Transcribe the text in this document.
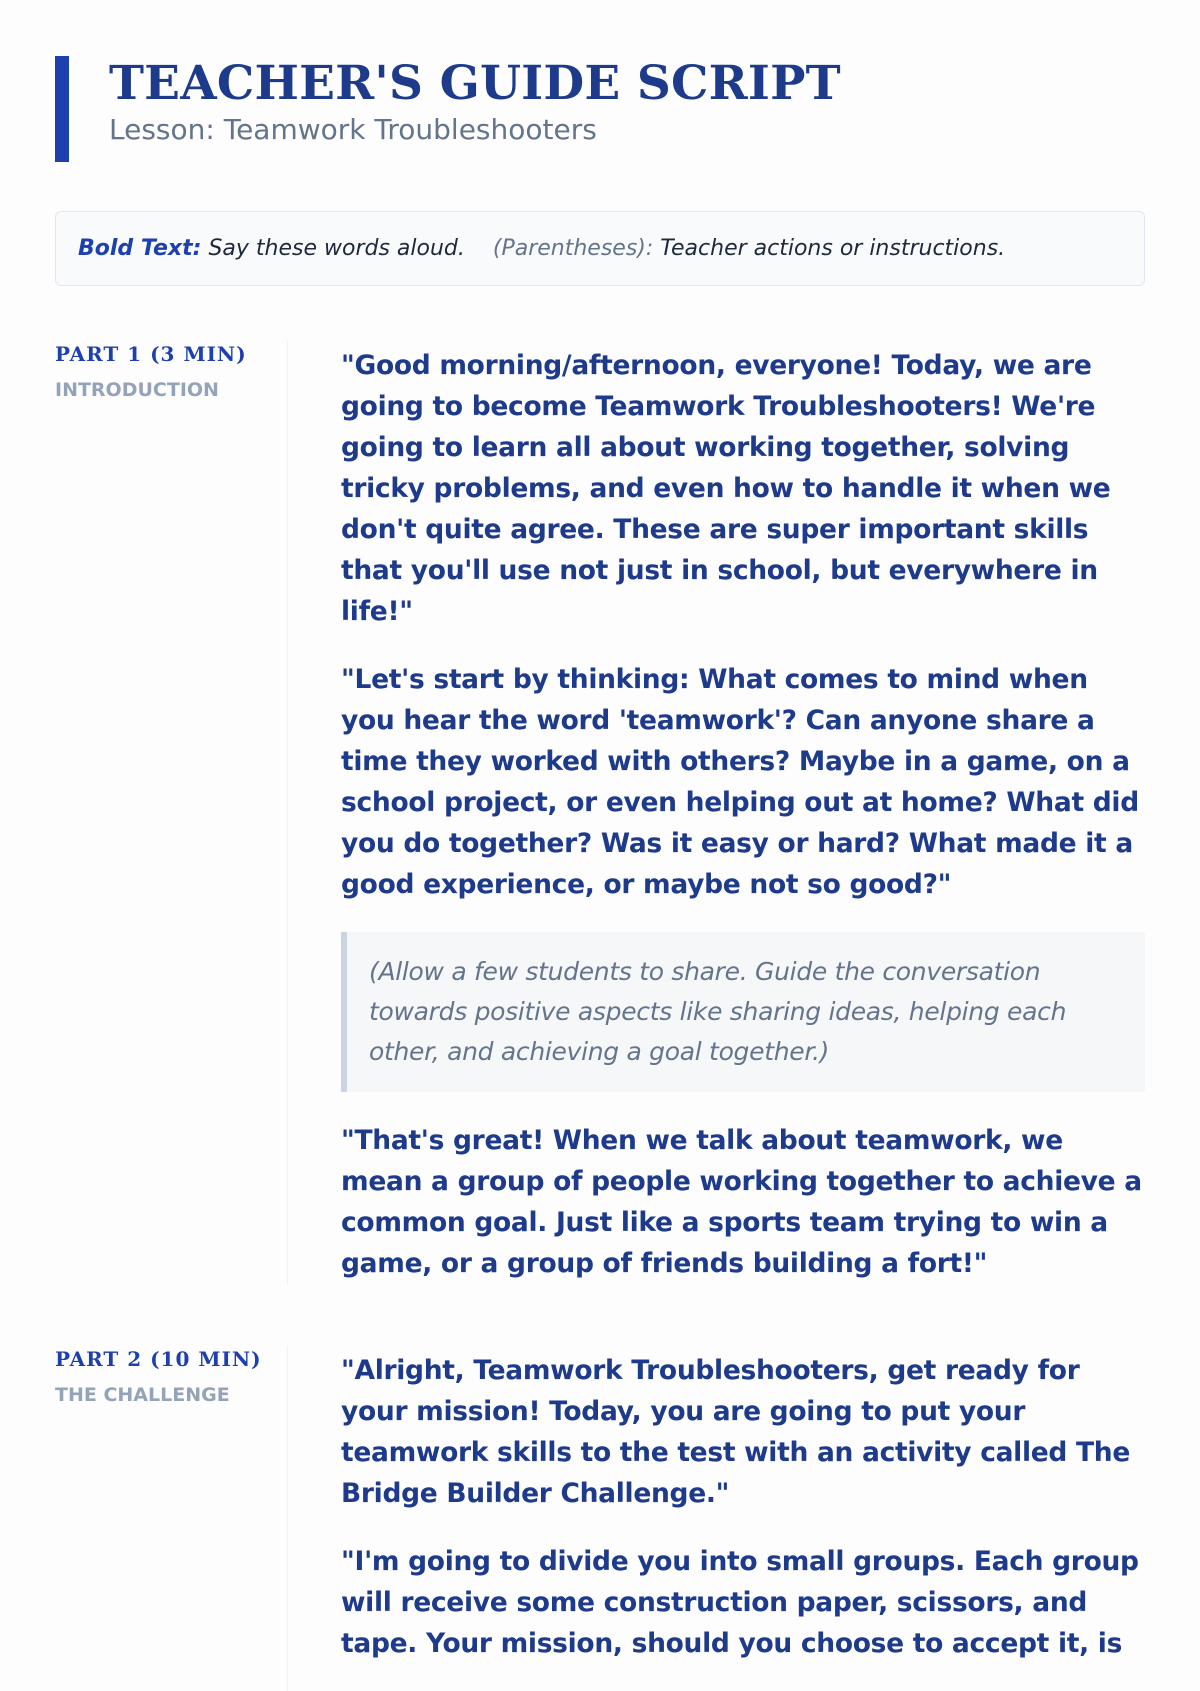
TEACHER'S GUIDE SCRIPT

Lesson: Teamwork Troubleshooters

Bold Text: Say these words aloud. (Parentheses): Teacher actions or instructions.

PART 1 (3 MIN)

INTRODUCTION

"Good morning/afternoon, everyone! Today, we are going to become Teamwork Troubleshooters! We're going to learn all about working together, solving tricky problems, and even how to handle it when we don't quite agree. These are super important skills that you'll use not just in school, but everywhere in life!"

"Let's start by thinking: What comes to mind when you hear the word 'teamwork'? Can anyone share a time they worked with others? Maybe in a game, on a school project, or even helping out at home? What did you do together? Was it easy or hard? What made it a good experience, or maybe not so good?"

(Allow a few students to share. Guide the conversation towards positive aspects like sharing ideas, helping each other, and achieving a goal together.)

"That's great! When we talk about teamwork, we mean a group of people working together to achieve a common goal. Just like a sports team trying to win a game, or a group of friends building a fort!"

PART 2 (10 MIN)

THE CHALLENGE

"Alright, Teamwork Troubleshooters, get ready for your mission! Today, you are going to put your teamwork skills to the test with an activity called The Bridge Builder Challenge."

"I'm going to divide you into small groups. Each group will receive some construction paper, scissors, and tape. Your mission, should you choose to accept it, is
